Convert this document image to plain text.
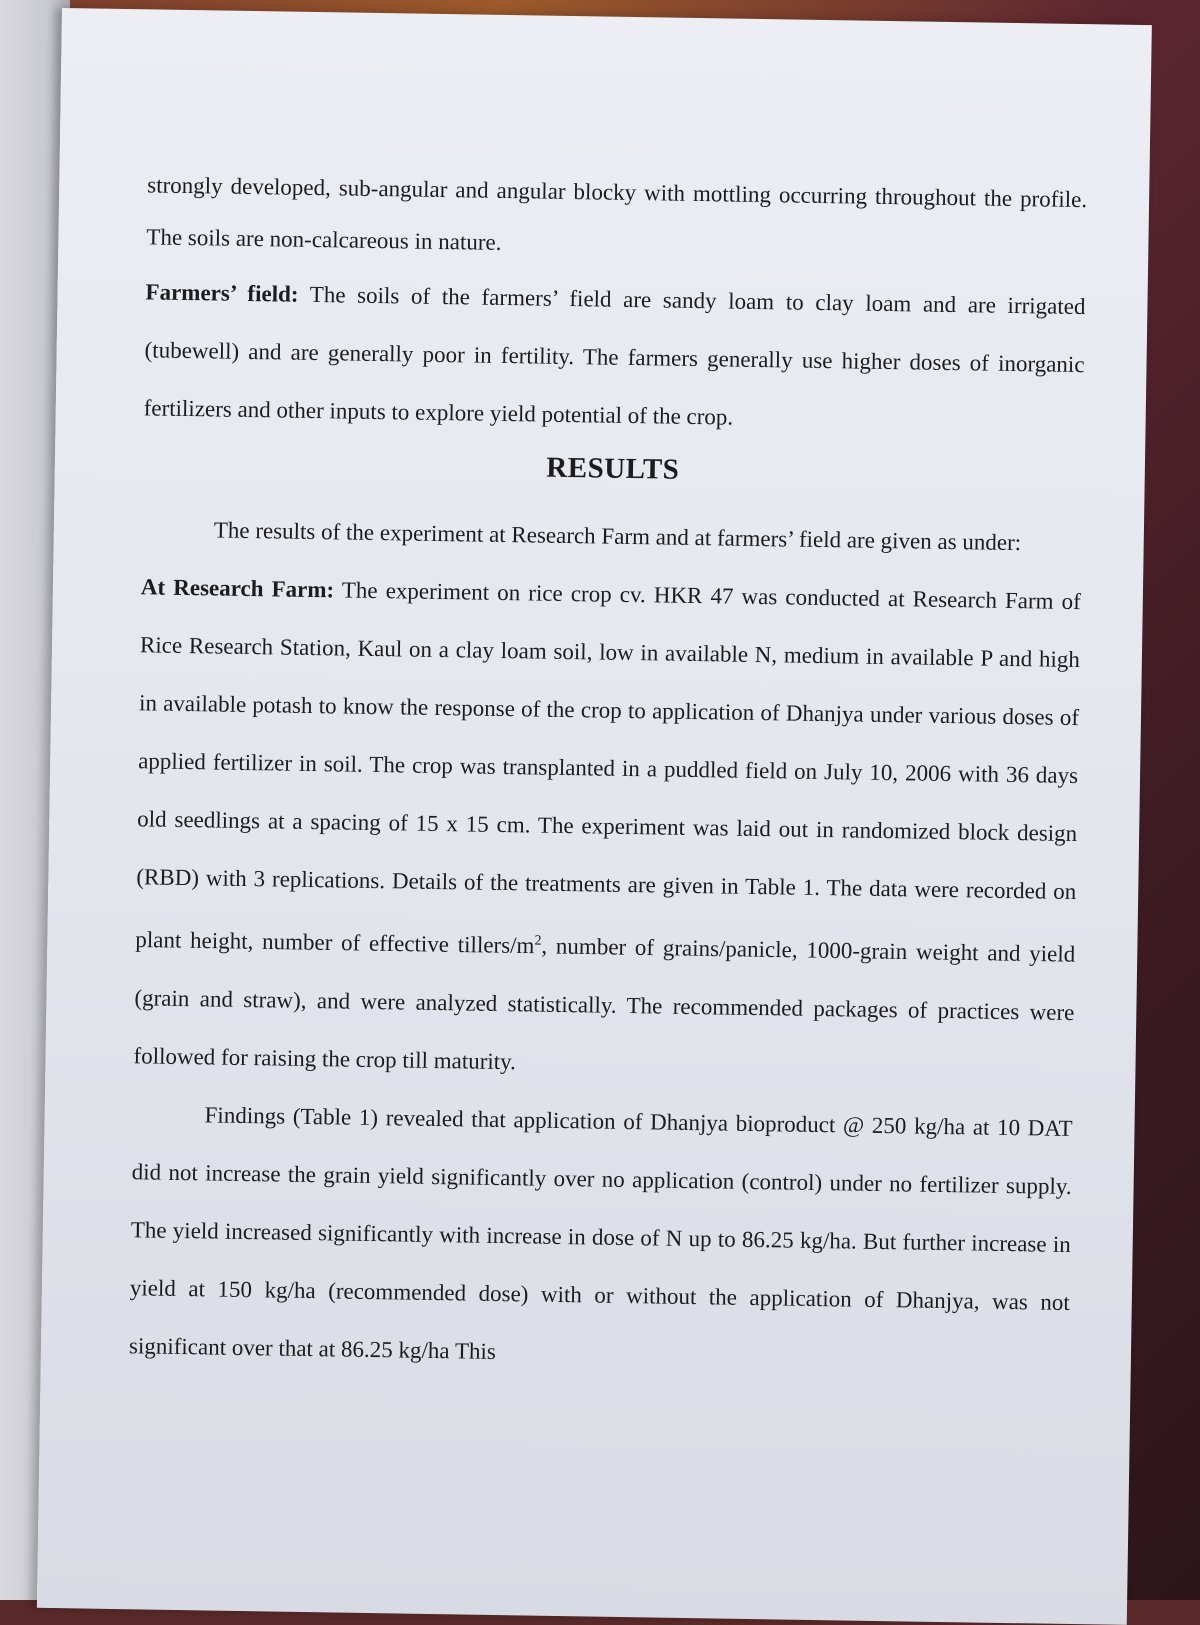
strongly developed, sub-angular and angular blocky with mottling occurring throughout the profile. The soils are non-calcareous in nature.

Farmers’ field: The soils of the farmers’ field are sandy loam to clay loam and are irrigated (tubewell) and are generally poor in fertility. The farmers generally use higher doses of inorganic fertilizers and other inputs to explore yield potential of the crop.

RESULTS

The results of the experiment at Research Farm and at farmers’ field are given as under:

At Research Farm: The experiment on rice crop cv. HKR 47 was conducted at Research Farm of Rice Research Station, Kaul on a clay loam soil, low in available N, medium in available P and high in available potash to know the response of the crop to application of Dhanjya under various doses of applied fertilizer in soil. The crop was transplanted in a puddled field on July 10, 2006 with 36 days old seedlings at a spacing of 15 x 15 cm. The experiment was laid out in randomized block design (RBD) with 3 replications. Details of the treatments are given in Table 1. The data were recorded on plant height, number of effective tillers/$m^2$, number of grains/panicle, 1000-grain weight and yield (grain and straw), and were analyzed statistically. The recommended packages of practices were followed for raising the crop till maturity.

Findings (Table 1) revealed that application of Dhanjya bioproduct @ 250 kg/ha at 10 DAT did not increase the grain yield significantly over no application (control) under no fertilizer supply. The yield increased significantly with increase in dose of N up to 86.25 kg/ha. But further increase in yield at 150 kg/ha (recommended dose) with or without the application of Dhanjya, was not significant over that at 86.25 kg/ha This
